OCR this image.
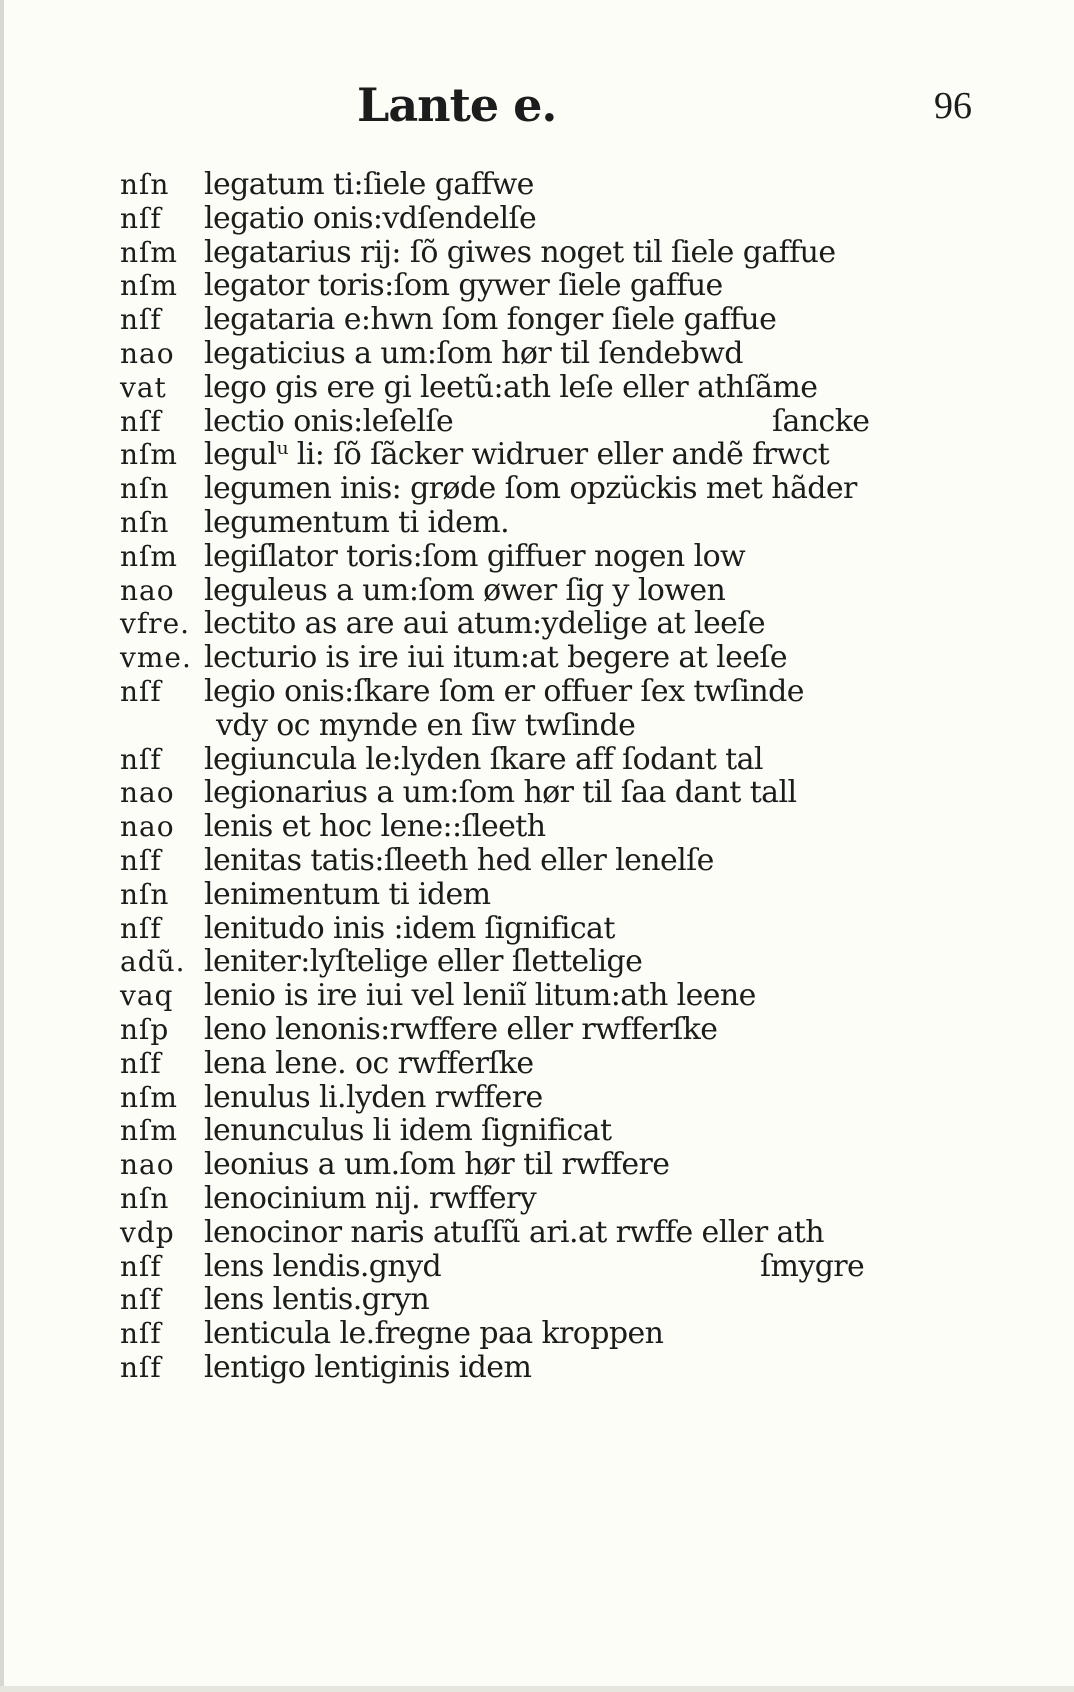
Lante e.	96
nſn	legatum ti:ſiele gaffwe
nſf	legatio onis:vdſendelſe
nſm legatarius rij: ſõ giwes noget til ſiele gaffue
nſm legator toris:ſom gywer ſiele gaffue
nſf	legataria e:hwn ſom fonger ſiele gaffue
nao legaticius a um:ſom hør til ſendebwd
vat	lego gis ere gi leetũ:ath leſe eller athſãme
nſf	lectio onis:leſelſe	ſancke
nſm legulᵘ li: ſõ ſãcker widruer eller andẽ frwct
nſn	legumen inis: grøde ſom opzückis met hãder
nſn	legumentum ti idem.
nſm legiſlator toris:ſom giffuer nogen low
nao leguleus a um:ſom øwer ſig y lowen
vfre. lectito as are aui atum:ydelige at leeſe
vme. lecturio is ire iui itum:at begere at leeſe
nſf	legio onis:ſkare ſom er offuer ſex twſinde
vdy oc mynde en ſiw twſinde
nſf	legiuncula le:lyden ſkare aff ſodant tal
nao legionarius a um:ſom hør til ſaa dant tall
nao lenis et hoc lene::ſleeth
nſf	lenitas tatis:ſleeth hed eller lenelſe
nſn	lenimentum ti idem
nſf	lenitudo inis :idem ſignificat
adũ. leniter:lyſtelige eller ſlettelige
vaq	lenio is ire iui vel leniĩ litum:ath leene
nſp	leno lenonis:rwffere eller rwfferſke
nſf	lena lene. oc rwfferſke
nſm lenulus li.lyden rwffere
nſm lenunculus li idem ſignificat
nao leonius a um.ſom hør til rwffere
nſn	lenocinium nij. rwffery
vdp lenocinor naris atuſſũ ari.at rwffe eller ath
nſf	lens lendis.gnyd	ſmygre
nſf	lens lentis.gryn
nſf	lenticula le.fregne paa kroppen
nſf	lentigo lentiginis idem
